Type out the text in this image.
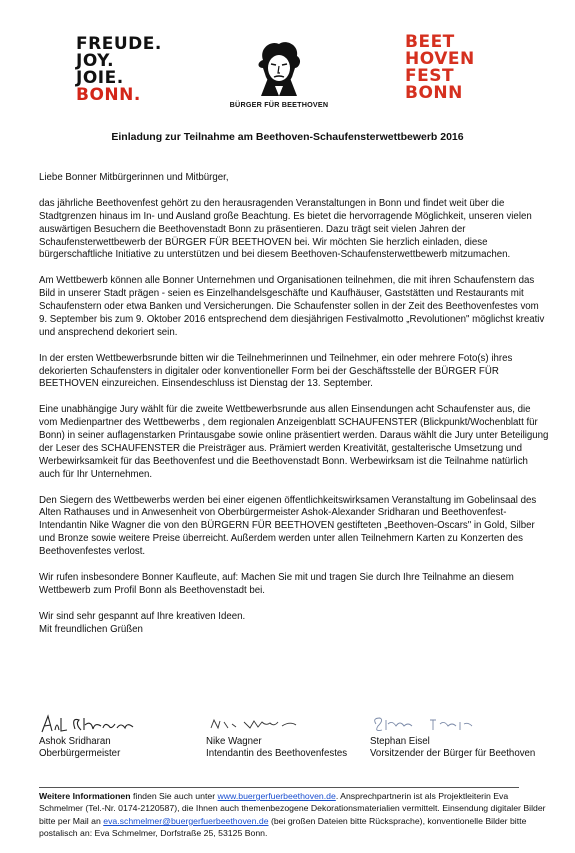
FREUDE.
JOY.
JOIE.
BONN.	BÜRGER FÜR BEETHOVEN
BEET
HOVEN
FEST
BONN
Einladung zur Teilnahme am Beethoven-Schaufensterwettbewerb 2016

Liebe Bonner Mitbürgerinnen und Mitbürger,

das jährliche Beethovenfest gehört zu den herausragenden Veranstaltungen in Bonn und findet weit über die Stadtgrenzen hinaus im In- und Ausland große Beachtung. Es bietet die hervorragende Möglichkeit, unseren vielen auswärtigen Besuchern die Beethovenstadt Bonn zu präsentieren. Dazu trägt seit vielen Jahren der Schaufensterwettbewerb der BÜRGER FÜR BEETHOVEN bei. Wir möchten Sie herzlich einladen, diese bürgerschaftliche Initiative zu unterstützen und bei diesem Beethoven-Schaufensterwettbewerb mitzumachen.

Am Wettbewerb können alle Bonner Unternehmen und Organisationen teilnehmen, die mit ihren Schaufenstern das Bild in unserer Stadt prägen - seien es Einzelhandelsgeschäfte und Kaufhäuser, Gaststätten und Restaurants mit Schaufenstern oder etwa Banken und Versicherungen. Die Schaufenster sollen in der Zeit des Beethovenfestes vom 9. September bis zum 9. Oktober 2016 entsprechend dem diesjährigen Festivalmotto „Revolutionen" möglichst kreativ und ansprechend dekoriert sein.

In der ersten Wettbewerbsrunde bitten wir die Teilnehmerinnen und Teilnehmer, ein oder mehrere Foto(s) ihres dekorierten Schaufensters in digitaler oder konventioneller Form bei der Geschäftsstelle der BÜRGER FÜR BEETHOVEN einzureichen. Einsendeschluss ist Dienstag der 13. September.

Eine unabhängige Jury wählt für die zweite Wettbewerbsrunde aus allen Einsendungen acht Schaufenster aus, die vom Medienpartner des Wettbewerbs , dem regionalen Anzeigenblatt SCHAUFENSTER (Blickpunkt/Wochenblatt für Bonn) in seiner auflagenstarken Printausgabe sowie online präsentiert werden. Daraus wählt die Jury unter Beteiligung der Leser des SCHAUFENSTER die Preisträger aus. Prämiert werden Kreativität, gestalterische Umsetzung und Werbewirksamkeit für das Beethovenfest und die Beethovenstadt Bonn. Werbewirksam ist die Teilnahme natürlich auch für Ihr Unternehmen.

Den Siegern des Wettbewerbs werden bei einer eigenen öffentlichkeitswirksamen Veranstaltung im Gobelinsaal des Alten Rathauses und in Anwesenheit von Oberbürgermeister Ashok-Alexander Sridharan und Beethovenfest-Intendantin Nike Wagner die von den BÜRGERN FÜR BEETHOVEN gestifteten „Beethoven-Oscars" in Gold, Silber und Bronze sowie weitere Preise überreicht. Außerdem werden unter allen Teilnehmern Karten zu Konzerten des Beethovenfestes verlost.

Wir rufen insbesondere Bonner Kaufleute, auf: Machen Sie mit und tragen Sie durch Ihre Teilnahme an diesem Wettbewerb zum Profil Bonn als Beethovenstadt bei.

Wir sind sehr gespannt auf Ihre kreativen Ideen.

Mit freundlichen Grüßen

Ashok Sridharan
Oberbürgermeister
Nike Wagner
Intendantin des Beethovenfestes
Stephan Eisel
Vorsitzender der Bürger für Beethoven
Weitere Informationen finden Sie auch unter www.buergerfuerbeethoven.de. Ansprechpartnerin ist als Projektleiterin Eva Schmelmer (Tel.-Nr. 0174-2120587), die Ihnen auch themenbezogene Dekorationsmaterialien vermittelt. Einsendung digitaler Bilder bitte per Mail an eva.schmelmer@buergerfuerbeethoven.de (bei großen Dateien bitte Rücksprache), konventionelle Bilder bitte postalisch an: Eva Schmelmer, Dorfstraße 25, 53125 Bonn.
